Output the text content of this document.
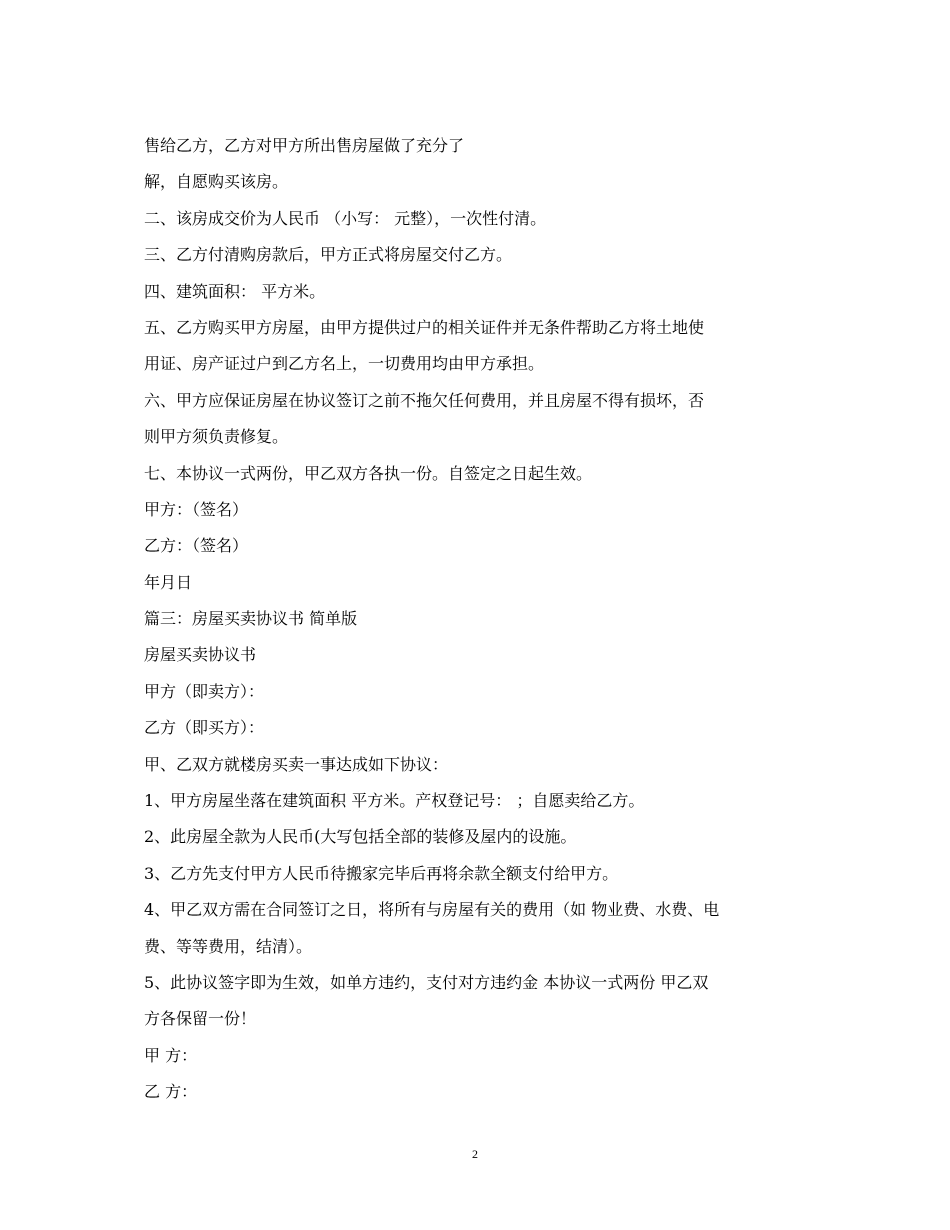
售给乙方，乙方对甲方所出售房屋做了充分了
解，自愿购买该房。
二、该房成交价为人民币 （小写： 元整），一次性付清。
三、乙方付清购房款后，甲方正式将房屋交付乙方。
四、建筑面积： 平方米。
五、乙方购买甲方房屋，由甲方提供过户的相关证件并无条件帮助乙方将土地使
用证、房产证过户到乙方名上，一切费用均由甲方承担。
六、甲方应保证房屋在协议签订之前不拖欠任何费用，并且房屋不得有损坏，否
则甲方须负责修复。
七、本协议一式两份，甲乙双方各执一份。自签定之日起生效。
甲方：（签名）
乙方：（签名）
年月日
篇三：房屋买卖协议书 简单版
房屋买卖协议书
甲方（即卖方）：
乙方（即买方）：
甲、乙双方就楼房买卖一事达成如下协议：
1、甲方房屋坐落在建筑面积 平方米。产权登记号： ；自愿卖给乙方。
2、此房屋全款为人民币(大写包括全部的装修及屋内的设施。
3、乙方先支付甲方人民币待搬家完毕后再将余款全额支付给甲方。
4、甲乙双方需在合同签订之日，将所有与房屋有关的费用（如 物业费、水费、电
费、等等费用，结清）。
5、此协议签字即为生效，如单方违约，支付对方违约金 本协议一式两份 甲乙双
方各保留一份！
甲 方：
乙 方：
2
